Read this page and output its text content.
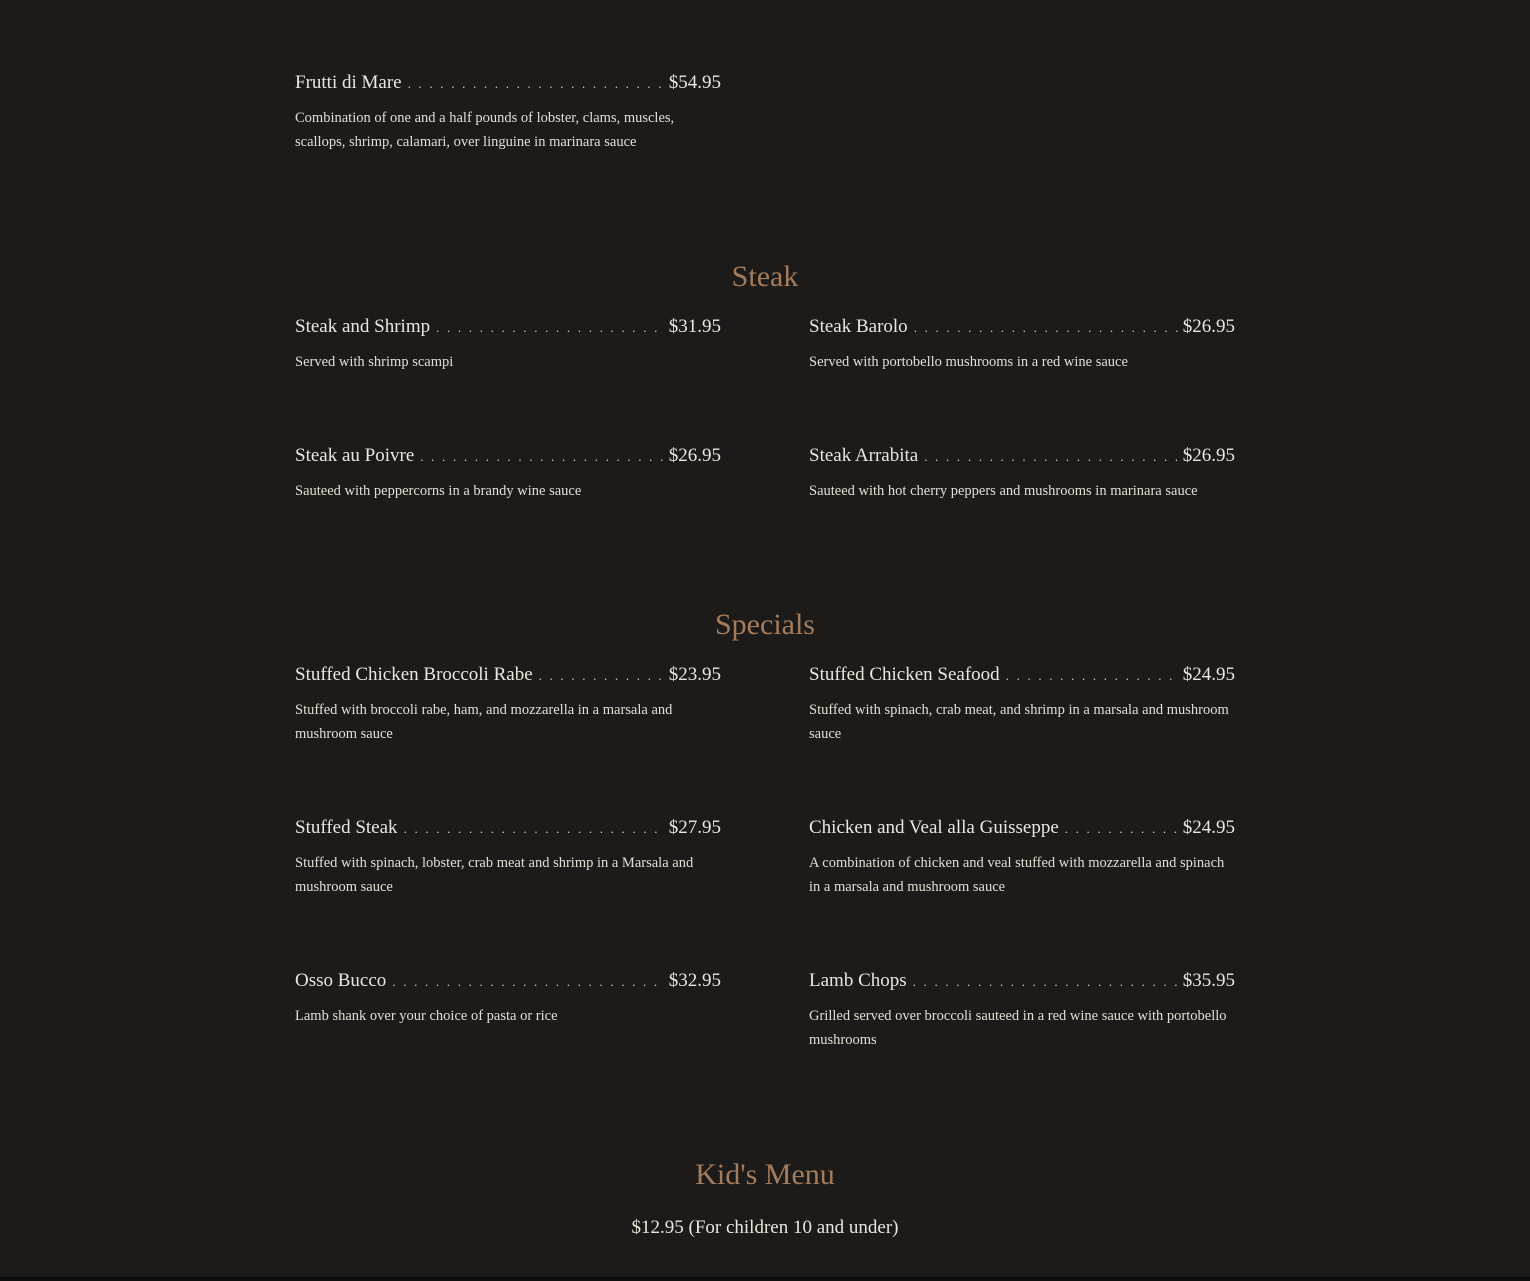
Frutti di Mare . . .	$54.95
Combination of one and a half pounds of lobster, clams, muscles, scallops, shrimp, calamari, over linguine in marinara sauce
Steak
Steak and Shrimp . . .	$31.95
Served with shrimp scampi
Steak Barolo . . .	$26.95
Served with portobello mushrooms in a red wine sauce
Steak au Poivre . . .	$26.95
Sauteed with peppercorns in a brandy wine sauce
Steak Arrabita . . .	$26.95
Sauteed with hot cherry peppers and mushrooms in marinara sauce
Specials
Stuffed Chicken Broccoli Rabe . . .	$23.95
Stuffed with broccoli rabe, ham, and mozzarella in a marsala and mushroom sauce
Stuffed Chicken Seafood . . .	$24.95
Stuffed with spinach, crab meat, and shrimp in a marsala and mushroom sauce
Stuffed Steak . . .	$27.95
Stuffed with spinach, lobster, crab meat and shrimp in a Marsala and mushroom sauce
Chicken and Veal alla Guisseppe . . .	$24.95
A combination of chicken and veal stuffed with mozzarella and spinach in a marsala and mushroom sauce
Osso Bucco . . .	$32.95
Lamb shank over your choice of pasta or rice
Lamb Chops . . .	$35.95
Grilled served over broccoli sauteed in a red wine sauce with portobello mushrooms
Kid's Menu
$12.95 (For children 10 and under)
